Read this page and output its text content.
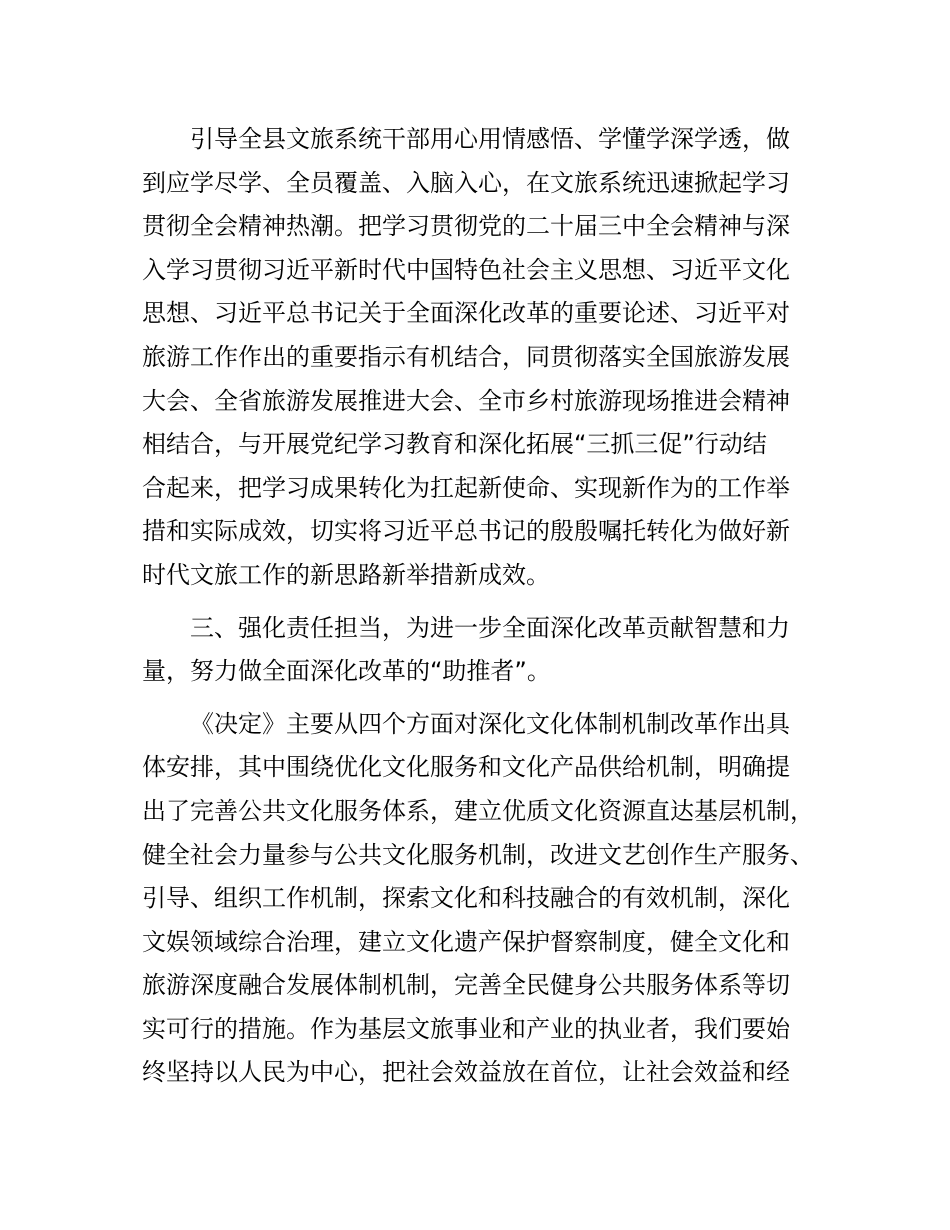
引导全县文旅系统干部用心用情感悟、学懂学深学透，做
到应学尽学、全员覆盖、入脑入心，在文旅系统迅速掀起学习
贯彻全会精神热潮。把学习贯彻党的二十届三中全会精神与深
入学习贯彻习近平新时代中国特色社会主义思想、习近平文化
思想、习近平总书记关于全面深化改革的重要论述、习近平对
旅游工作作出的重要指示有机结合，同贯彻落实全国旅游发展
大会、全省旅游发展推进大会、全市乡村旅游现场推进会精神
相结合，与开展党纪学习教育和深化拓展“三抓三促”行动结
合起来，把学习成果转化为扛起新使命、实现新作为的工作举
措和实际成效，切实将习近平总书记的殷殷嘱托转化为做好新
时代文旅工作的新思路新举措新成效。
三、强化责任担当，为进一步全面深化改革贡献智慧和力
量，努力做全面深化改革的“助推者”。
《决定》主要从四个方面对深化文化体制机制改革作出具
体安排，其中围绕优化文化服务和文化产品供给机制，明确提
出了完善公共文化服务体系，建立优质文化资源直达基层机制，
健全社会力量参与公共文化服务机制，改进文艺创作生产服务、
引导、组织工作机制，探索文化和科技融合的有效机制，深化
文娱领域综合治理，建立文化遗产保护督察制度，健全文化和
旅游深度融合发展体制机制，完善全民健身公共服务体系等切
实可行的措施。作为基层文旅事业和产业的执业者，我们要始
终坚持以人民为中心，把社会效益放在首位，让社会效益和经
